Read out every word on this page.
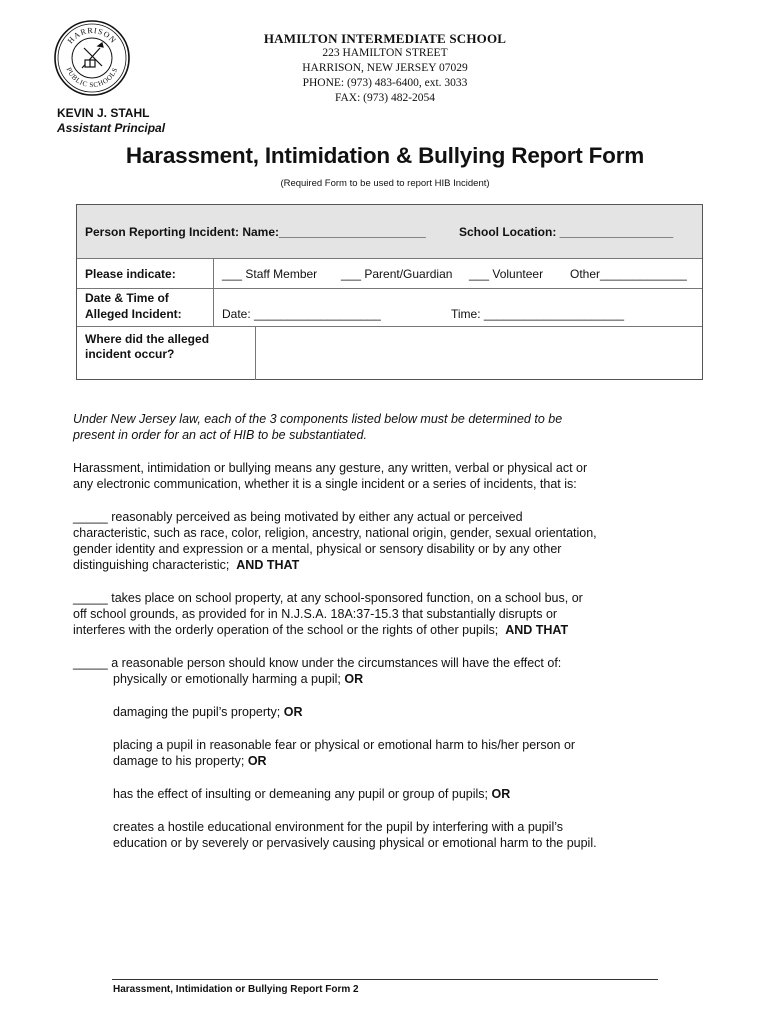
HARRISON
PUBLIC SCHOOLS
HAMILTON INTERMEDIATE SCHOOL
223 HAMILTON STREET
HARRISON, NEW JERSEY 07029
PHONE: (973) 483-6400, ext. 3033
FAX: (973) 482-2054
KEVIN J. STAHL
Assistant Principal
Harassment, Intimidation & Bullying Report Form
(Required Form to be used to report HIB Incident)
Person Reporting Incident: Name:______________________	School Location: _________________
Please indicate:	___ Staff Member ___ Parent/Guardian ___ Volunteer Other_____________
Date & Time of
Alleged Incident:	Date: ___________________	Time: _____________________
Where did the alleged
incident occur?
Under New Jersey law, each of the 3 components listed below must be determined to be
present in order for an act of HIB to be substantiated.
Harassment, intimidation or bullying means any gesture, any written, verbal or physical act or
any electronic communication, whether it is a single incident or a series of incidents, that is:
_____ reasonably perceived as being motivated by either any actual or perceived
characteristic, such as race, color, religion, ancestry, national origin, gender, sexual orientation,
gender identity and expression or a mental, physical or sensory disability or by any other
distinguishing characteristic; AND THAT
_____ takes place on school property, at any school-sponsored function, on a school bus, or
off school grounds, as provided for in N.J.S.A. 18A:37-15.3 that substantially disrupts or
interferes with the orderly operation of the school or the rights of other pupils; AND THAT
_____ a reasonable person should know under the circumstances will have the effect of:
physically or emotionally harming a pupil; OR
damaging the pupil’s property; OR
placing a pupil in reasonable fear or physical or emotional harm to his/her person or
damage to his property; OR
has the effect of insulting or demeaning any pupil or group of pupils; OR
creates a hostile educational environment for the pupil by interfering with a pupil’s
education or by severely or pervasively causing physical or emotional harm to the pupil.
Harassment, Intimidation or Bullying Report Form 2
